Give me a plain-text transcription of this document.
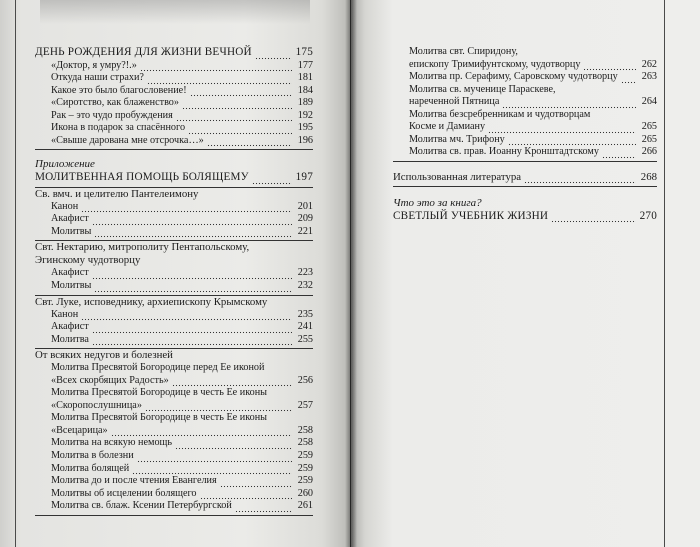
ДЕНЬ РОЖДЕНИЯ ДЛЯ ЖИЗНИ ВЕЧНОЙ	175
«Доктор, я умру?!.»	177
Откуда наши страхи?	181
Какое это было благословение!	184
«Сиротство, как блаженство»	189
Рак – это чудо пробуждения	192
Икона в подарок за спасённого	195
«Свыше дарована мне отсрочка…»	196
Приложение
МОЛИТВЕННАЯ ПОМОЩЬ БОЛЯЩЕМУ	197
Св. вмч. и целителю Пантелеимону
Канон	201
Акафист	209
Молитвы	221
Свт. Нектарию, митрополиту Пентапольскому,
Эгинскому чудотворцу
Акафист	223
Молитвы	232
Свт. Луке, исповеднику, архиепископу Крымскому
Канон	235
Акафист	241
Молитва	255
От всяких недугов и болезней
Молитва Пресвятой Богородице перед Ее иконой
«Всех скорбящих Радость»	256
Молитва Пресвятой Богородице в честь Ее иконы
«Скоропослушница»	257
Молитва Пресвятой Богородице в честь Ее иконы
«Всецарица»	258
Молитва на всякую немощь	258
Молитва в болезни	259
Молитва болящей	259
Молитва до и после чтения Евангелия	259
Молитвы об исцелении болящего	260
Молитва св. блаж. Ксении Петербургской	261
Молитва свт. Спиридону,
епископу Тримифунтскому, чудотворцу	262
Молитва пр. Серафиму, Саровскому чудотворцу 263
Молитва св. мученице Параскеве,
нареченной Пятница	264
Молитва безсребренникам и чудотворцам
Косме и Дамиану	265
Молитва мч. Трифону	265
Молитва св. прав. Иоанну Кронштадтскому	266
Использованная литература	268
Что это за книга?
СВЕТЛЫЙ УЧЕБНИК ЖИЗНИ	270
